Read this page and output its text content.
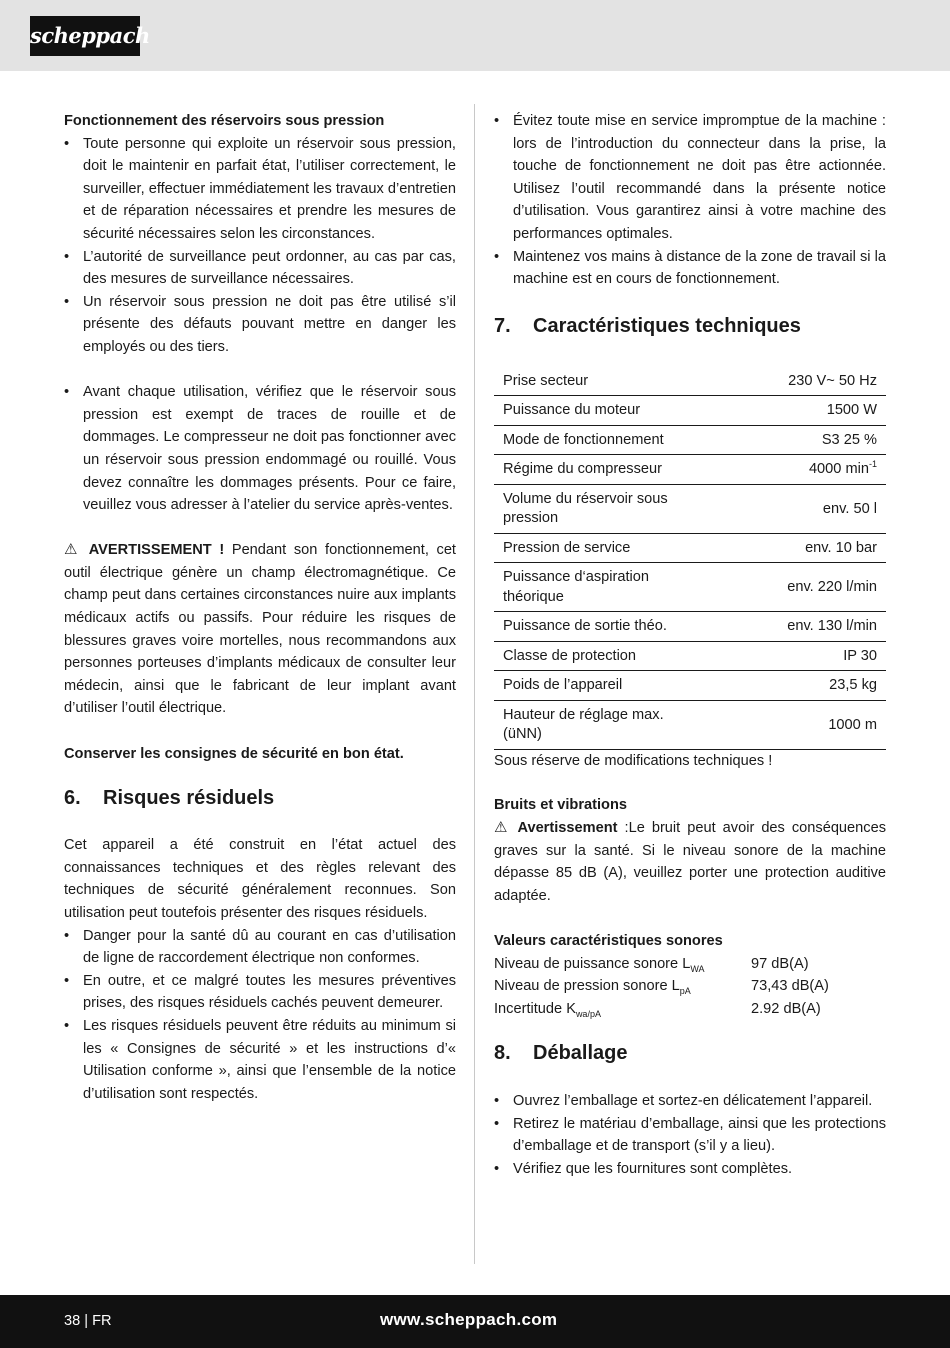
scheppach
Fonctionnement des réservoirs sous pression
• Toute personne qui exploite un réservoir sous pression, doit le maintenir en parfait état, l’utiliser correctement, le surveiller, effectuer immédiatement les travaux d’entretien et de réparation nécessaires et prendre les mesures de sécurité nécessaires selon les circonstances.
• L’autorité de surveillance peut ordonner, au cas par cas, des mesures de surveillance nécessaires.
• Un réservoir sous pression ne doit pas être utilisé s’il présente des défauts pouvant mettre en danger les employés ou des tiers.
• Avant chaque utilisation, vérifiez que le réservoir sous pression est exempt de traces de rouille et de dommages. Le compresseur ne doit pas fonctionner avec un réservoir sous pression endommagé ou rouillé. Vous devez connaître les dommages présents. Pour ce faire, veuillez vous adresser à l’atelier du service après-ventes.

⚠ AVERTISSEMENT ! Pendant son fonctionnement, cet outil électrique génère un champ électromagnétique. Ce champ peut dans certaines circonstances nuire aux implants médicaux actifs ou passifs. Pour réduire les risques de blessures graves voire mortelles, nous recommandons aux personnes porteuses d’implants médicaux de consulter leur médecin, ainsi que le fabricant de leur implant avant d’utiliser l’outil électrique.

Conserver les consignes de sécurité en bon état.
6. Risques résiduels

Cet appareil a été construit en l’état actuel des connaissances techniques et des règles relevant des techniques de sécurité généralement reconnues. Son utilisation peut toutefois présenter des risques résiduels.

• Danger pour la santé dû au courant en cas d’utilisation de ligne de raccordement électrique non conformes.
• En outre, et ce malgré toutes les mesures préventives prises, des risques résiduels cachés peuvent demeurer.
• Les risques résiduels peuvent être réduits au minimum si les « Consignes de sécurité » et les instructions d’« Utilisation conforme », ainsi que l’ensemble de la notice d’utilisation sont respectés.
• Évitez toute mise en service impromptue de la machine : lors de l’introduction du connecteur dans la prise, la touche de fonctionnement ne doit pas être actionnée. Utilisez l’outil recommandé dans la présente notice d’utilisation. Vous garantirez ainsi à votre machine des performances optimales.
• Maintenez vos mains à distance de la zone de travail si la machine est en cours de fonctionnement.
7. Caractéristiques techniques
Prise secteur	230 V~ 50 Hz
Puissance du moteur	1500 W
Mode de fonctionnement	S3 25 %
Régime du compresseur	4000 $\min^{-1}$
Volume du réservoir sous pression	env. 50 l
Pression de service	env. 10 bar
Puissance d‘aspiration théorique	env. 220 l/min
Puissance de sortie théo.	env. 130 l/min
Classe de protection	IP 30
Poids de l’appareil	23,5 kg
Hauteur de réglage max. (üNN)	1000 m
Sous réserve de modifications techniques !
Bruits et vibrations

⚠ Avertissement :Le bruit peut avoir des conséquences graves sur la santé. Si le niveau sonore de la machine dépasse 85 dB (A), veuillez porter une protection auditive adaptée.

Valeurs caractéristiques sonores
Niveau de puissance sonore $L_{WA}$	97 dB(A)
Niveau de pression sonore $L_{pA}$	73,43 dB(A)
Incertitude $K_{wa/pA}$	2.92 dB(A)
8. Déballage
• Ouvrez l’emballage et sortez-en délicatement l’appareil.
• Retirez le matériau d’emballage, ainsi que les protections d’emballage et de transport (s’il y a lieu).
• Vérifiez que les fournitures sont complètes.
38 | FR	www.scheppach.com
